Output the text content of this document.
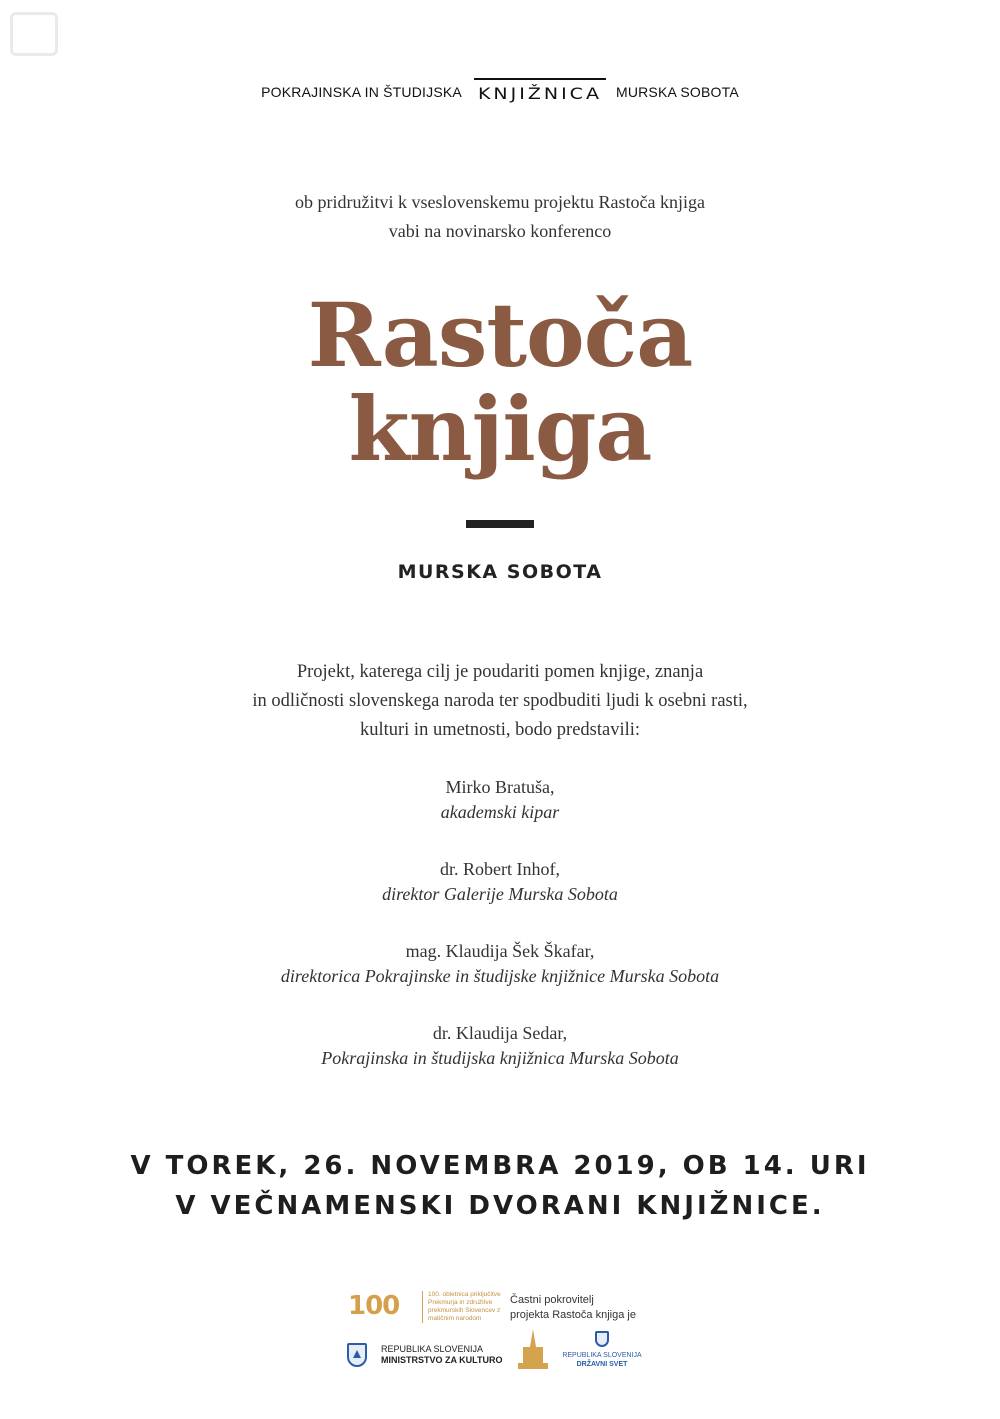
POKRAJINSKA IN ŠTUDIJSKA KNJIŽNICA MURSKA SOBOTA
ob pridružitvi k vseslovenskemu projektu Rastoča knjiga
vabi na novinarsko konferenco
Rastoča
knjiga
MURSKA SOBOTA
Projekt, katerega cilj je poudariti pomen knjige, znanja
in odličnosti slovenskega naroda ter spodbuditi ljudi k osebni rasti,
kulturi in umetnosti, bodo predstavili:
Mirko Bratuša,
akademski kipar
dr. Robert Inhof,
direktor Galerije Murska Sobota
mag. Klaudija Šek Škafar,
direktorica Pokrajinske in študijske knjižnice Murska Sobota
dr. Klaudija Sedar,
Pokrajinska in študijska knjižnica Murska Sobota
V TOREK, 26. NOVEMBRA 2019, OB 14. URI
V VEČNAMENSKI DVORANI KNJIŽNICE.
100	100. obletnica priključitve Prekmurja in združitve prekmurskih Slovencev z matičnim narodom
Častni pokrovitelj
projekta Rastoča knjiga je
REPUBLIKA SLOVENIJA
MINISTRSTVO ZA KULTURO	REPUBLIKA SLOVENIJA
DRŽAVNI SVET
